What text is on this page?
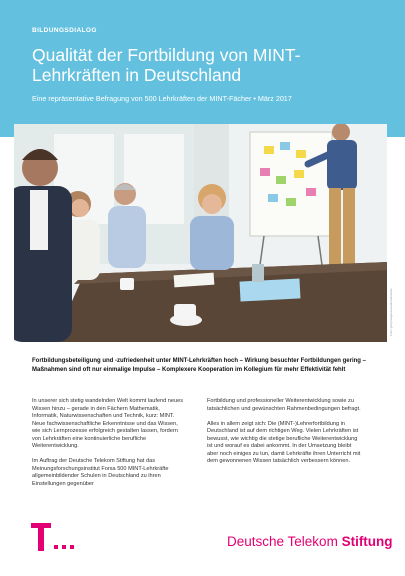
BILDUNGSDIALOG
Qualität der Fortbildung von MINT-Lehrkräften in Deutschland
Eine repräsentative Befragung von 500 Lehrkräften der MINT-Fächer • März 2017
Foto: gettyimages/wavebreakmedia

Fortbildungsbeteiligung und -zufriedenheit unter MINT-Lehrkräften hoch – Wirkung besuchter Fortbildungen gering – Maßnahmen sind oft nur einmalige Impulse – Komplexere Kooperation im Kollegium für mehr Effektivität fehlt

In unserer sich stetig wandelnden Welt kommt laufend neues Wissen hinzu – gerade in den Fächern Mathematik, Informatik, Naturwissenschaften und Technik, kurz: MINT. Neue fachwissenschaftliche Erkenntnisse und das Wissen, wie sich Lernprozesse erfolgreich gestalten lassen, fordern von Lehrkräften eine kontinuierliche berufliche Weiterentwicklung.

Im Auftrag der Deutsche Telekom Stiftung hat das Meinungsforschungsinstitut Forsa 500 MINT-Lehrkräfte allgemeinbildender Schulen in Deutschland zu ihren Einstellungen gegenüber

Fortbildung und professioneller Weiterentwicklung sowie zu tatsächlichen und gewünschten Rahmenbedingungen befragt.

Alles in allem zeigt sich: Die (MINT-)Lehrerfortbildung in Deutschland ist auf dem richtigen Weg. Vielen Lehrkräften ist bewusst, wie wichtig die stetige berufliche Weiterentwicklung ist und worauf es dabei ankommt. In der Umsetzung bleibt aber noch einiges zu tun, damit Lehrkräfte ihren Unterricht mit dem gewonnenen Wissen tatsächlich verbessern können.

Deutsche Telekom Stiftung
